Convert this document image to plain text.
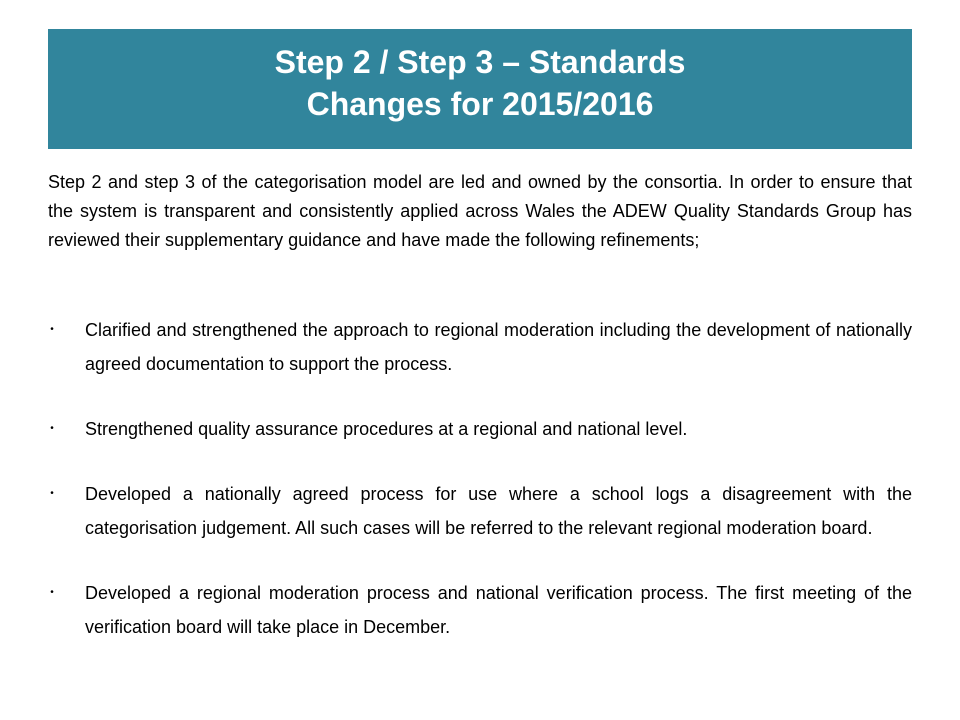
Step 2 / Step 3 – Standards
Changes for 2015/2016

Step 2 and step 3 of the categorisation model are led and owned by the consortia. In order to ensure that the system is transparent and consistently applied across Wales the ADEW Quality Standards Group has reviewed their supplementary guidance and have made the following refinements;

• Clarified and strengthened the approach to regional moderation including the development of nationally agreed documentation to support the process.
• Strengthened quality assurance procedures at a regional and national level.
• Developed a nationally agreed process for use where a school logs a disagreement with the categorisation judgement. All such cases will be referred to the relevant regional moderation board.
• Developed a regional moderation process and national verification process. The first meeting of the verification board will take place in December.
